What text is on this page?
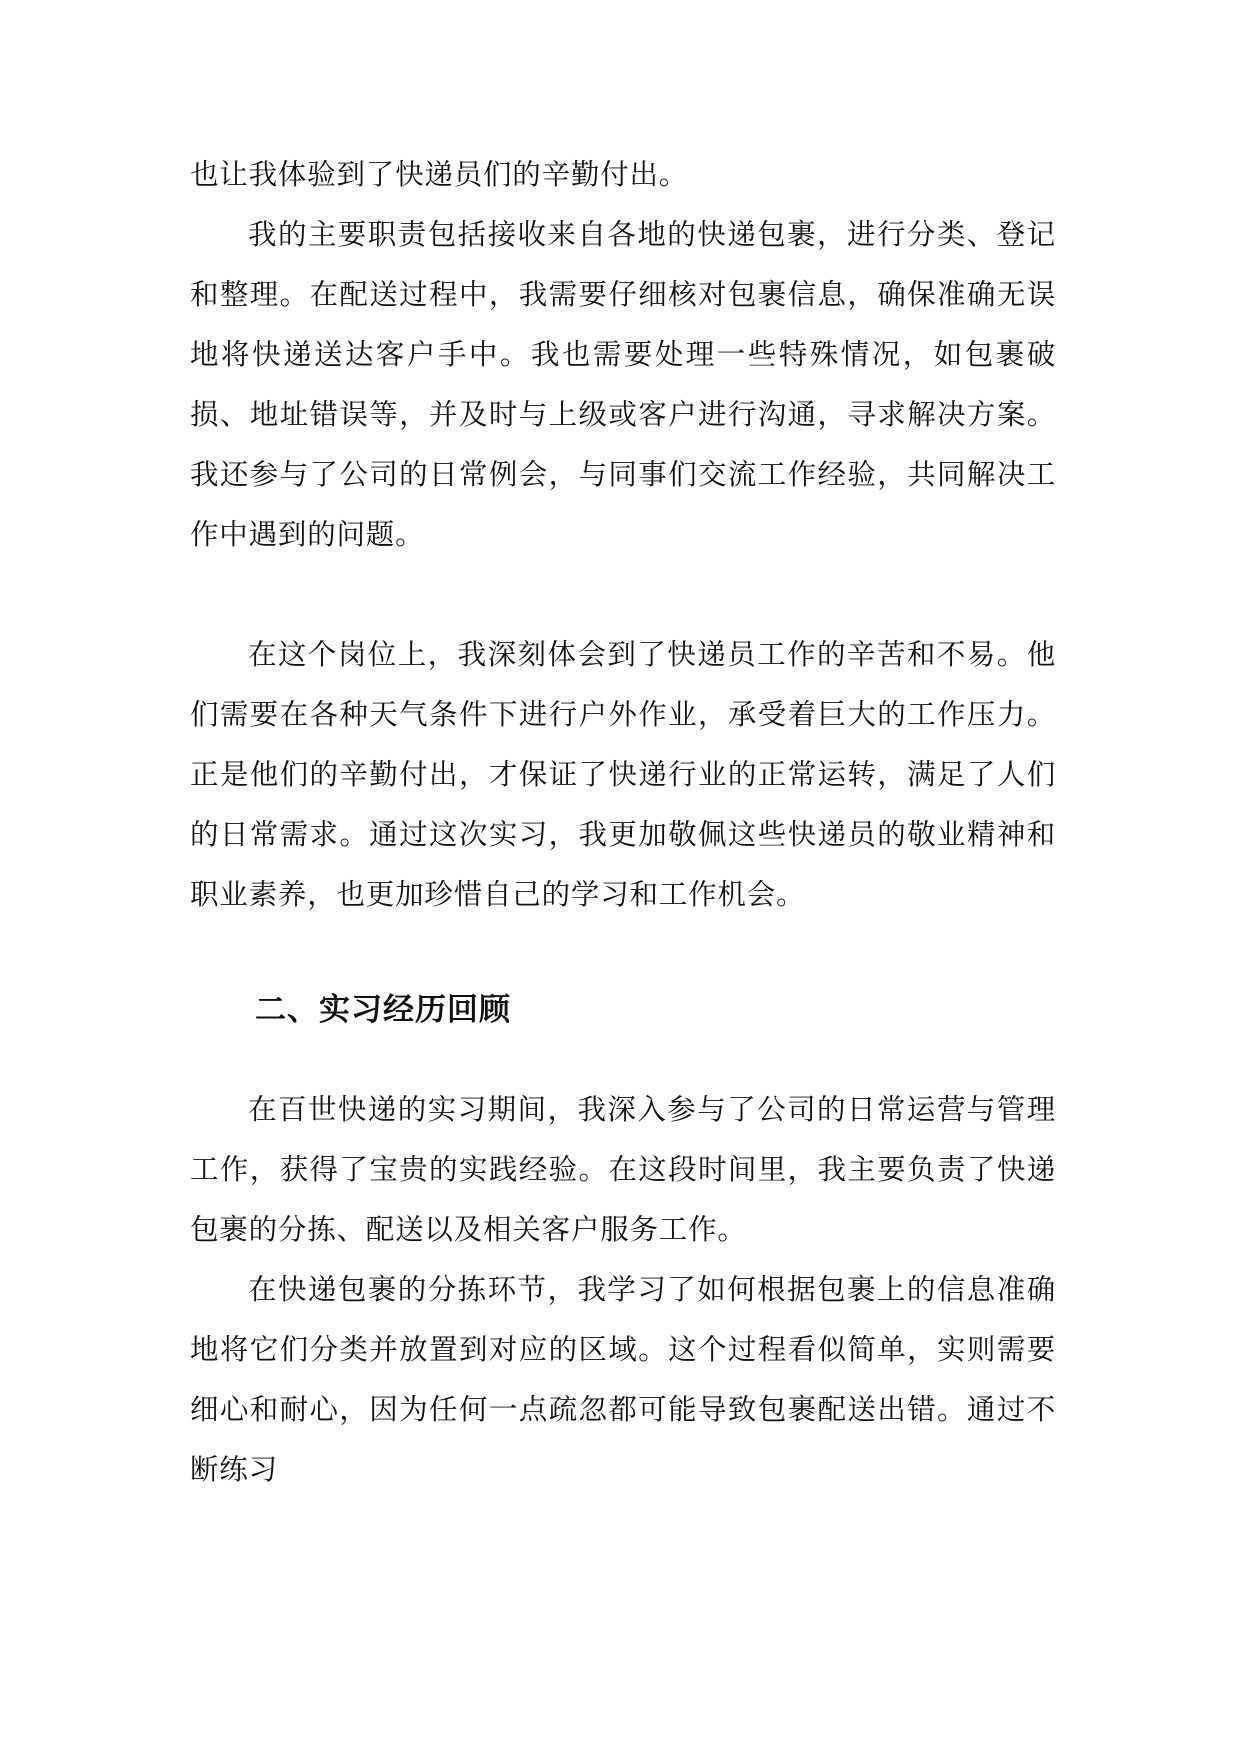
也让我体验到了快递员们的辛勤付出。

我的主要职责包括接收来自各地的快递包裹，进行分类、登记和整理。在配送过程中，我需要仔细核对包裹信息，确保准确无误地将快递送达客户手中。我也需要处理一些特殊情况，如包裹破损、地址错误等，并及时与上级或客户进行沟通，寻求解决方案。我还参与了公司的日常例会，与同事们交流工作经验，共同解决工作中遇到的问题。

在这个岗位上，我深刻体会到了快递员工作的辛苦和不易。他们需要在各种天气条件下进行户外作业，承受着巨大的工作压力。正是他们的辛勤付出，才保证了快递行业的正常运转，满足了人们的日常需求。通过这次实习，我更加敬佩这些快递员的敬业精神和职业素养，也更加珍惜自己的学习和工作机会。

二、实习经历回顾

在百世快递的实习期间，我深入参与了公司的日常运营与管理工作，获得了宝贵的实践经验。在这段时间里，我主要负责了快递包裹的分拣、配送以及相关客户服务工作。

在快递包裹的分拣环节，我学习了如何根据包裹上的信息准确地将它们分类并放置到对应的区域。这个过程看似简单，实则需要细心和耐心，因为任何一点疏忽都可能导致包裹配送出错。通过不断练习
